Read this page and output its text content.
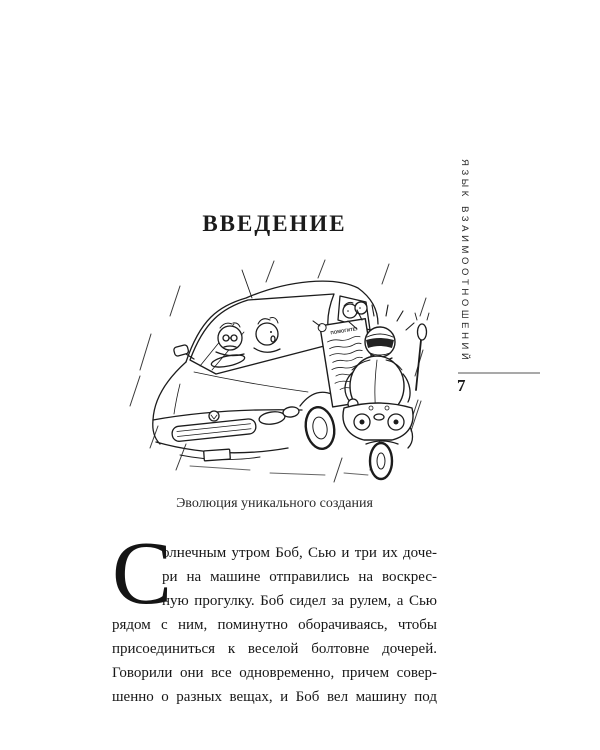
ВВЕДЕНИЕ
ПОМОГИТЕ!
Эволюция уникального создания
С
олнечным утром Боб, Сью и три их доче-
ри на машине отправились на воскрес-
ную прогулку. Боб сидел за рулем, а Сью
рядом с ним, поминутно оборачиваясь, чтобы
присоединиться к веселой болтовне дочерей.
Говорили они все одновременно, причем совер-
шенно о разных вещах, и Боб вел машину под
ЯЗЫК ВЗАИМООТНОШЕНИЙ
7
